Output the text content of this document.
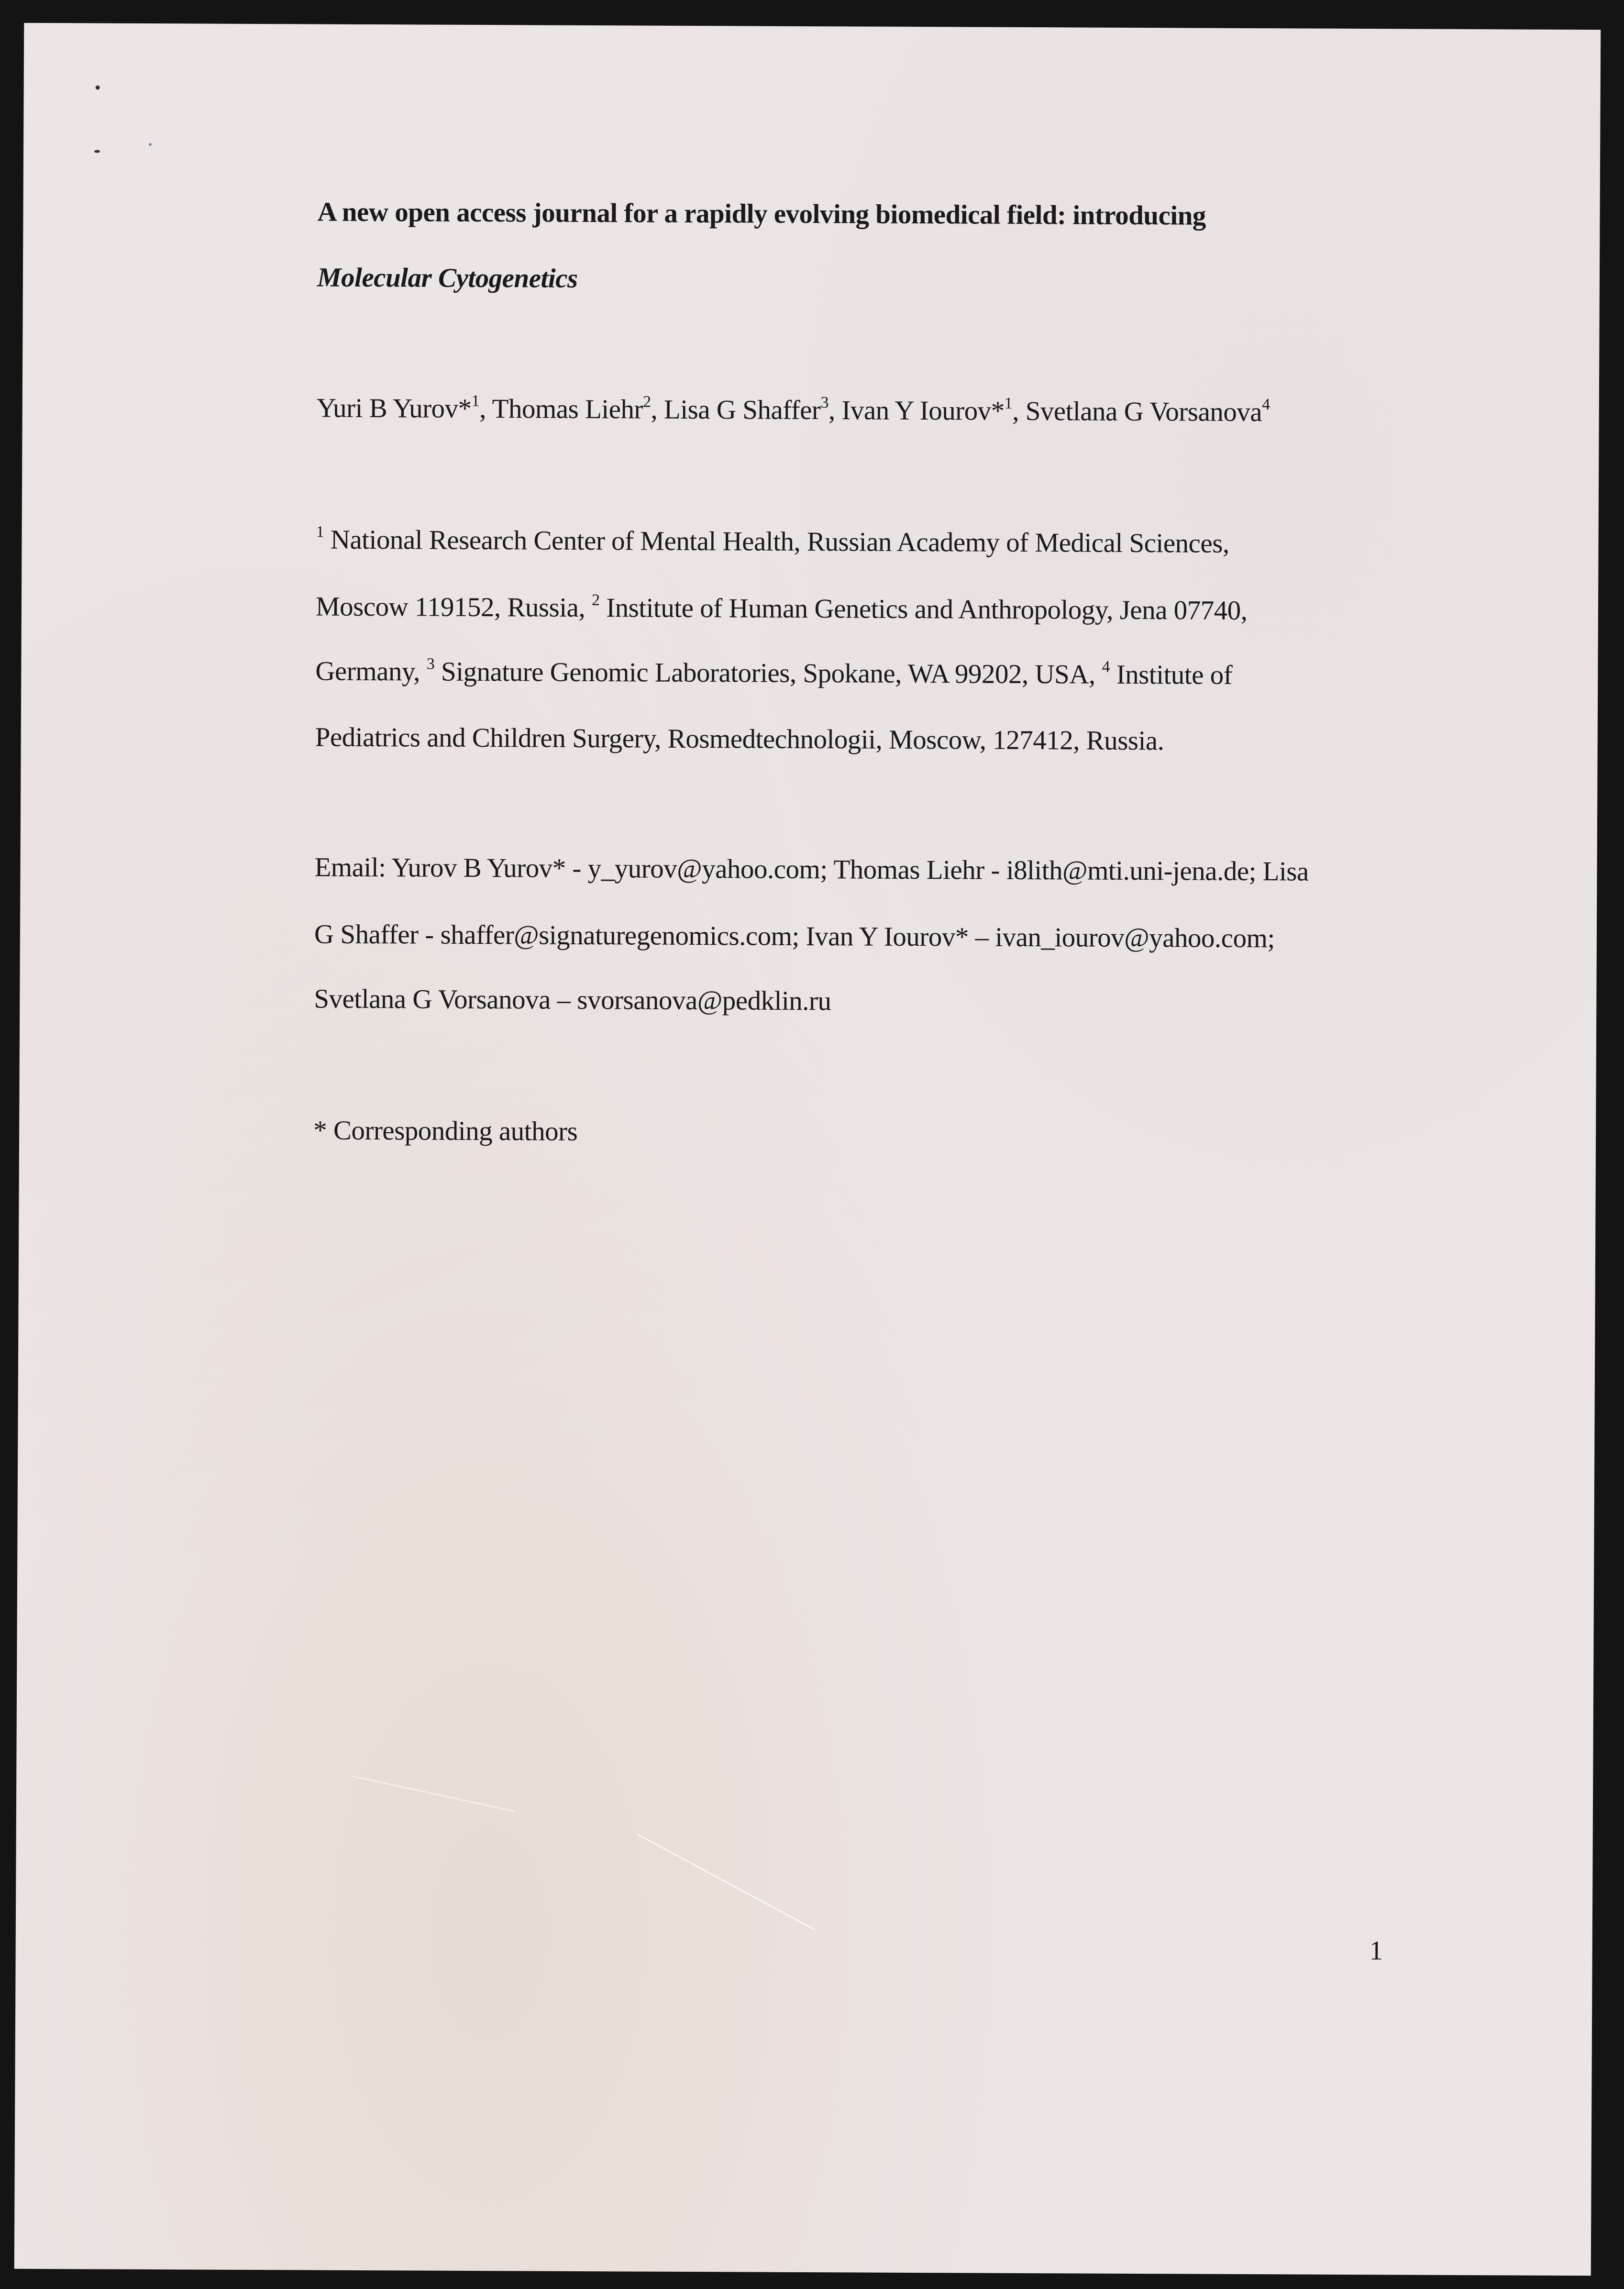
A new open access journal for a rapidly evolving biomedical field: introducing
Molecular Cytogenetics
Yuri B Yurov*$^1$, Thomas Liehr$^2$, Lisa G Shaffer$^3$, Ivan Y Iourov*$^1$, Svetlana G Vorsanova$^4$
$^1$ National Research Center of Mental Health, Russian Academy of Medical Sciences,
Moscow 119152, Russia, $^2$ Institute of Human Genetics and Anthropology, Jena 07740,
Germany, $^3$ Signature Genomic Laboratories, Spokane, WA 99202, USA, $^4$ Institute of
Pediatrics and Children Surgery, Rosmedtechnologii, Moscow, 127412, Russia.
Email: Yurov B Yurov* - y_yurov@yahoo.com; Thomas Liehr - i8lith@mti.uni-jena.de; Lisa
G Shaffer - shaffer@signaturegenomics.com; Ivan Y Iourov* – ivan_iourov@yahoo.com;
Svetlana G Vorsanova – svorsanova@pedklin.ru
* Corresponding authors
1
